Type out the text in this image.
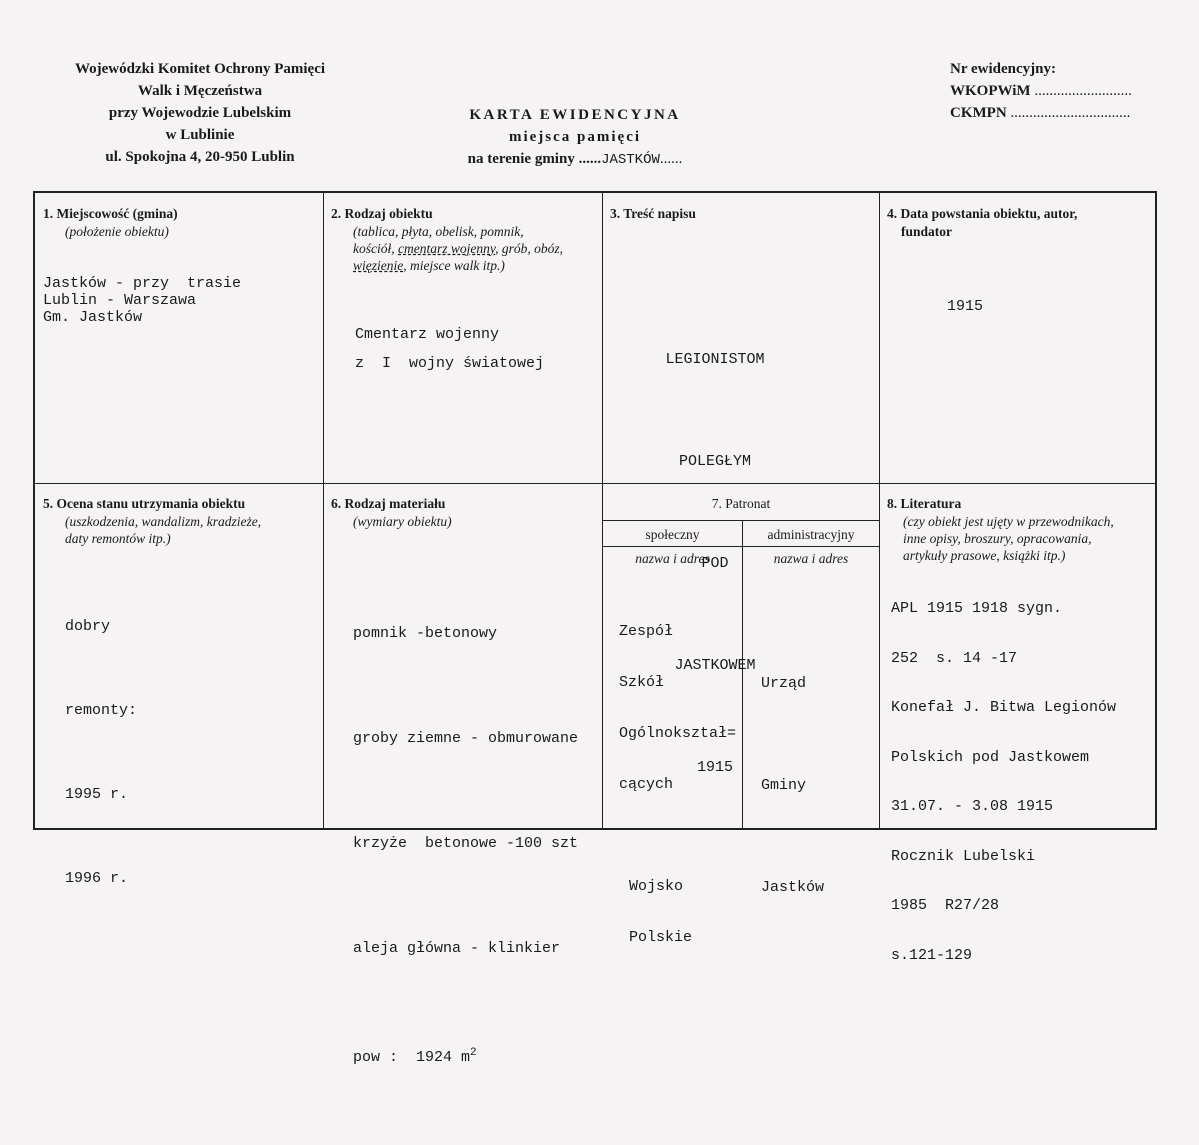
Wojewódzki Komitet Ochrony Pamięci
Walk i Męczeństwa
przy Wojewodzie Lubelskim
w Lublinie
ul. Spokojna 4, 20-950 Lublin
KARTA EWIDENCYJNA
miejsca pamięci
na terenie gminy ......JASTKÓW......
Nr ewidencyjny:
WKOPWiM ..........................
CKMPN ................................
1. Miejscowość (gmina)
(położenie obiektu)
Jastków - przy  trasie
Lublin - Warszawa
Gm. Jastków
2. Rodzaj obiektu
(tablica, płyta, obelisk, pomnik,
kościół, cmentarz wojenny, grób, obóz,
więzienie, miejsce walk itp.)
Cmentarz wojenny
z  I  wojny światowej
3. Treść napisu

LEGIONISTOM

POLEGŁYM

POD

JASTKOWEM

1915

4. Data powstania obiektu, autor,
fundator
1915
5. Ocena stanu utrzymania obiektu
(uszkodzenia, wandalizm, kradzieże,
daty remontów itp.)

dobry

remonty:

1995 r.

1996 r.

6. Rodzaj materiału
(wymiary obiektu)

pomnik -betonowy

groby ziemne - obmurowane

krzyże  betonowe -100 szt

aleja główna - klinkier

pow :  1924 $m^2$

7. Patronat
społeczny	administracyjny
nazwa i adres	nazwa i adres

Zespół

Szkół

Ogólnokształ=

cących

Wojsko

Polskie

Urząd

Gminy

Jastków

8. Literatura
(czy obiekt jest ujęty w przewodnikach,
inne opisy, broszury, opracowania,
artykuły prasowe, książki itp.)

APL 1915 1918 sygn.

252  s. 14 -17

Konefał J. Bitwa Legionów

Polskich pod Jastkowem

31.07. - 3.08 1915

Rocznik Lubelski

1985  R27/28

s.121-129
